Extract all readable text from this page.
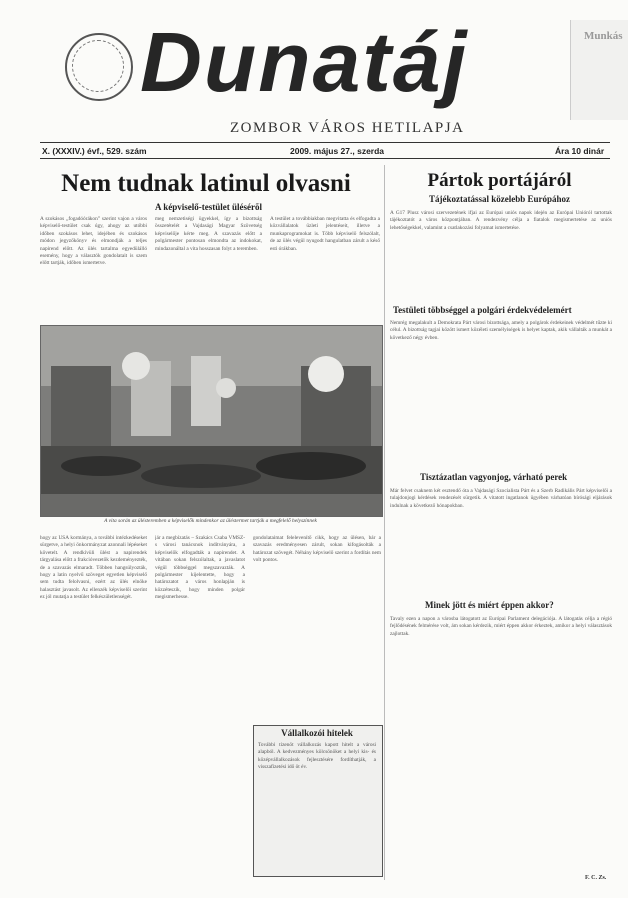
Dunatáj
ZOMBOR VÁROS HETILAPJA
Munkás
X. (XXXIV.) évf., 529. szám	2009. május 27., szerda	Ára 10 dinár
Nem tudnak latinul olvasni
A képviselő-testület ülésérõl
A szokásos „fogadóórákon” szerint vajon a város képviselő-testület csak úgy, ahogy az utóbbi időben szokásos lehet, idejében és szokásos módon jegyzőkönyv és elmondják a teljes napirend előtt. Az ülés tartalma egyedülálló esemény, hogy a választók gondolatait is szem előtt tartják, időben ismertetve.
meg nemzetiségi ügyekkel, így a bizottság összetételét a Vajdasági Magyar Szövetség képviselője kérte meg. A szavazás előtt a polgármester pontosan elmondta az indokokat, mindazonáltal a vita hosszasan folyt a teremben.
A testület a továbbiakban megvitatta és elfogadta a közvállalatok üzleti jelentéseit, illetve a munkaprogramokat is. Több képviselő felszólalt, de az ülés végül nyugodt hangulatban zárult a késő esti órákban.
A vita során az ülésteremben a képviselők mindenkor az üléstermet tartják a megfelelő helyszínnek
hogy az USA kormánya, a további intézkedéseket sürgetve, a helyi önkormányzat azonnali lépéseket követelt. A rendkívüli ülést a napirendek tárgyalása előtt a frakcióvezetők kezdeményezték, de a szavazás elmaradt. Többen hangsúlyozták, hogy a latin nyelvű szöveget egyetlen képviselő sem tudta felolvasni, ezért az ülés elnöke halasztást javasolt. Az ellenzék képviselői szerint ez jól mutatja a testület felkészületlenségét.
jár a megbízatás – Szakács Csaba VMSZ-s városi tanácsnok indítványára, a képviselők elfogadták a napirendet. A vitában sokan felszólaltak, a javaslatot végül többséggel megszavazták. A polgármester kijelentette, hogy a határozatot a város honlapján is közzéteszik, hogy minden polgár megismerhesse.
gondolataimat felelevenítő cikk, hogy az ülésen, bár a szavazás eredményesen zárult, sokan kifogásolták a határozat szövegét. Néhány képviselő szerint a fordítás nem volt pontos.
Vállalkozói hitelek
További tizenöt vállalkozás kapott hitelt a városi alapból. A kedvezményes kölcsönöket a helyi kis- és középvállalkozások fejlesztésére fordíthatják, a visszafizetési idő öt év.
Pártok portájáról
Tájékoztatással közelebb Európához
A G17 Plusz városi szervezetének ifjai az Európai uniós napok idején az Európai Unióról tartottak tájékoztatót a város központjában. A rendezvény célja a fiatalok megismertetése az uniós lehetőségekkel, valamint a csatlakozási folyamat ismertetése.
Testületi többséggel a polgári érdekvédelemért
Nemrég megalakult a Demokrata Párt városi bizottsága, amely a polgárok érdekeinek védelmét tűzte ki célul. A bizottság tagjai között ismert közéleti személyiségek is helyet kaptak, akik vállalták a munkát a következő négy évben.
Tisztázatlan vagyonjog, várható perek
Már felvet csaknem két esztendő óta a Vajdasági Szocialista Párt és a Szerb Radikális Párt képviselői a tulajdonjogi kérdések rendezését sürgetik. A vitatott ingatlanok ügyében várhatóan bírósági eljárások indulnak a következő hónapokban.
Minek jött és miért éppen akkor?
Tavaly ezen a napon a városba látogatott az Európai Parlament delegációja. A látogatás célja a régió fejlődésének felmérése volt, ám sokan kérdezik, miért éppen akkor érkeztek, amikor a helyi választások zajlottak.
F. C. Zs.
